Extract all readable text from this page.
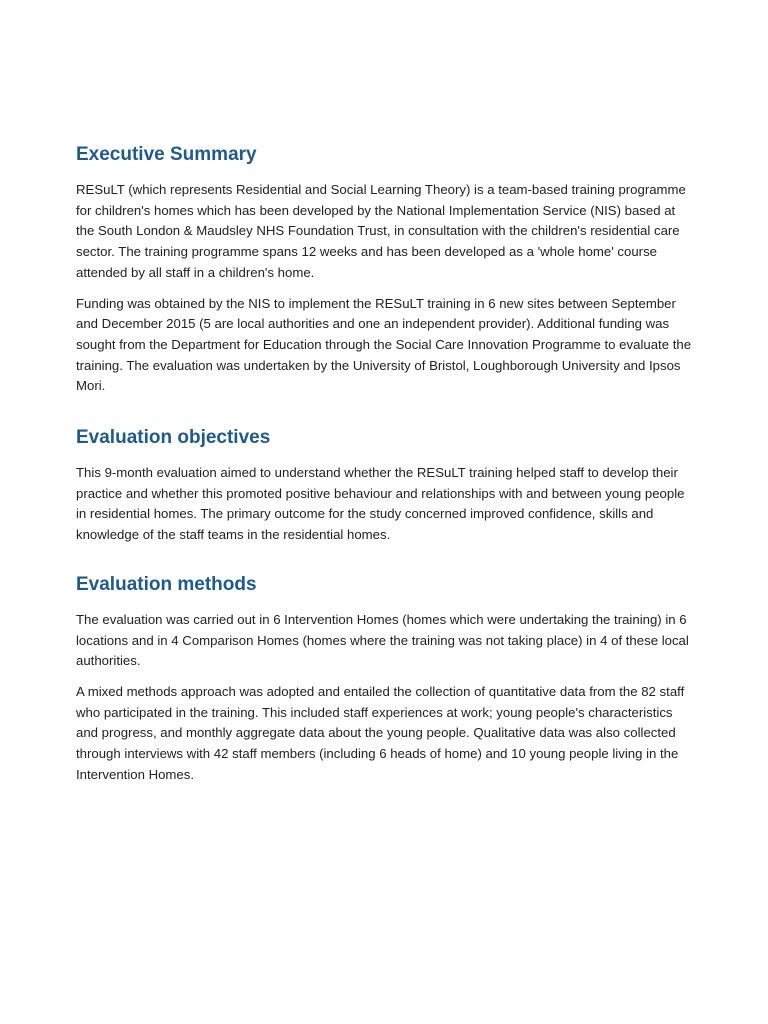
Executive Summary

RESuLT (which represents Residential and Social Learning Theory) is a team-based training programme for children's homes which has been developed by the National Implementation Service (NIS) based at the South London & Maudsley NHS Foundation Trust, in consultation with the children's residential care sector. The training programme spans 12 weeks and has been developed as a 'whole home' course attended by all staff in a children's home.

Funding was obtained by the NIS to implement the RESuLT training in 6 new sites between September and December 2015 (5 are local authorities and one an independent provider). Additional funding was sought from the Department for Education through the Social Care Innovation Programme to evaluate the training. The evaluation was undertaken by the University of Bristol, Loughborough University and Ipsos Mori.

Evaluation objectives

This 9-month evaluation aimed to understand whether the RESuLT training helped staff to develop their practice and whether this promoted positive behaviour and relationships with and between young people in residential homes. The primary outcome for the study concerned improved confidence, skills and knowledge of the staff teams in the residential homes.

Evaluation methods

The evaluation was carried out in 6 Intervention Homes (homes which were undertaking the training) in 6 locations and in 4 Comparison Homes (homes where the training was not taking place) in 4 of these local authorities.

A mixed methods approach was adopted and entailed the collection of quantitative data from the 82 staff who participated in the training. This included staff experiences at work; young people's characteristics and progress, and monthly aggregate data about the young people. Qualitative data was also collected through interviews with 42 staff members (including 6 heads of home) and 10 young people living in the Intervention Homes.
